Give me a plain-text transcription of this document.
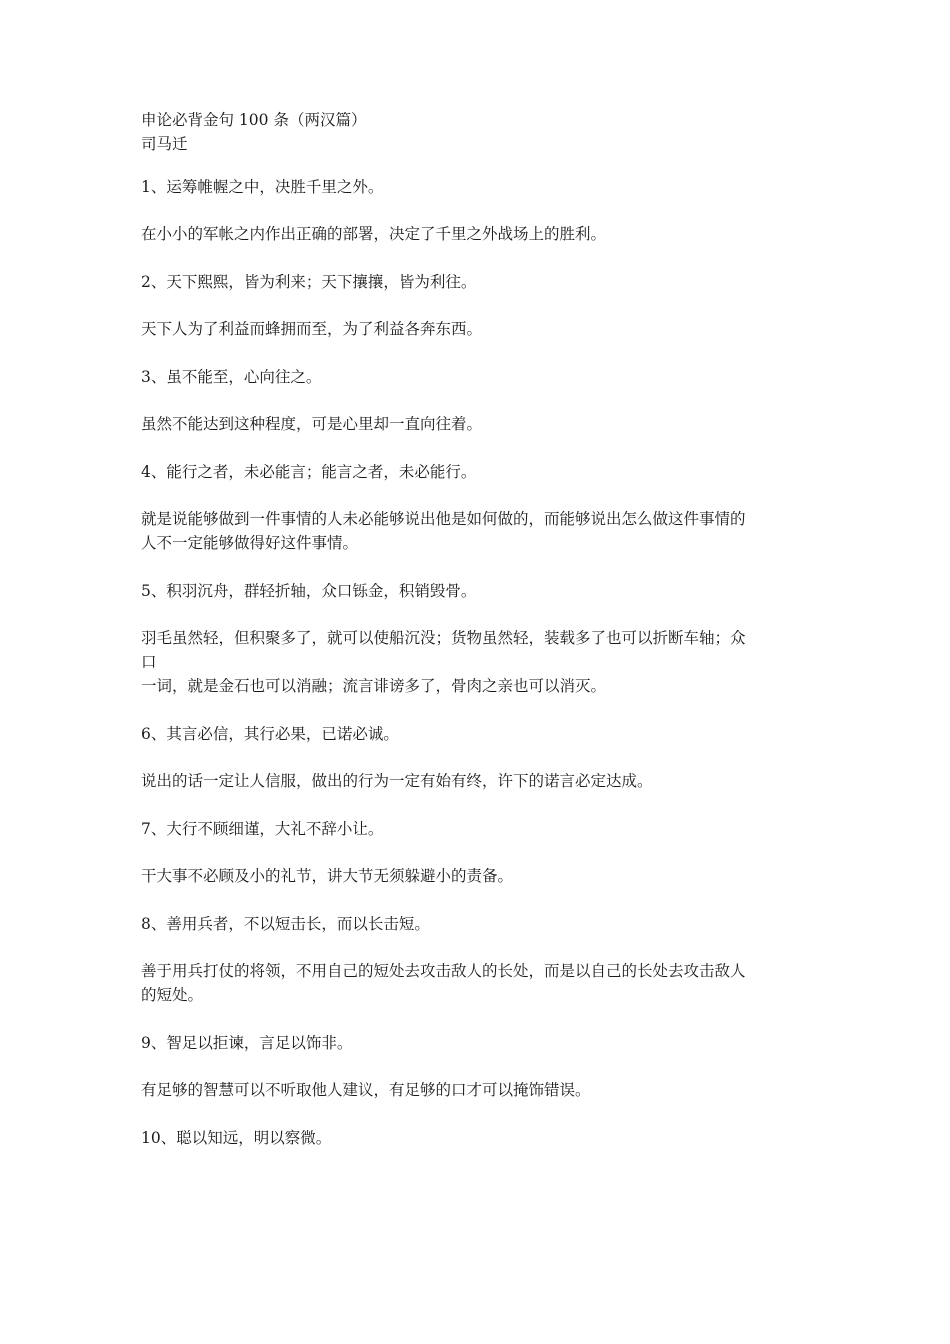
申论必背金句 100 条（两汉篇）

司马迁

1、运筹帷幄之中，决胜千里之外。

在小小的军帐之内作出正确的部署，决定了千里之外战场上的胜利。

2、天下熙熙，皆为利来；天下攘攘，皆为利往。

天下人为了利益而蜂拥而至，为了利益各奔东西。

3、虽不能至，心向往之。

虽然不能达到这种程度，可是心里却一直向往着。

4、能行之者，未必能言；能言之者，未必能行。

就是说能够做到一件事情的人未必能够说出他是如何做的，而能够说出怎么做这件事情的
人不一定能够做得好这件事情。

5、积羽沉舟，群轻折轴，众口铄金，积销毁骨。

羽毛虽然轻，但积聚多了，就可以使船沉没；货物虽然轻，装载多了也可以折断车轴；众
口
一词，就是金石也可以消融；流言诽谤多了，骨肉之亲也可以消灭。

6、其言必信，其行必果，已诺必诚。

说出的话一定让人信服，做出的行为一定有始有终，许下的诺言必定达成。

7、大行不顾细谨，大礼不辞小让。

干大事不必顾及小的礼节，讲大节无须躲避小的责备。

8、善用兵者，不以短击长，而以长击短。

善于用兵打仗的将领，不用自己的短处去攻击敌人的长处，而是以自己的长处去攻击敌人
的短处。

9、智足以拒谏，言足以饰非。

有足够的智慧可以不听取他人建议，有足够的口才可以掩饰错误。

10、聪以知远，明以察微。
